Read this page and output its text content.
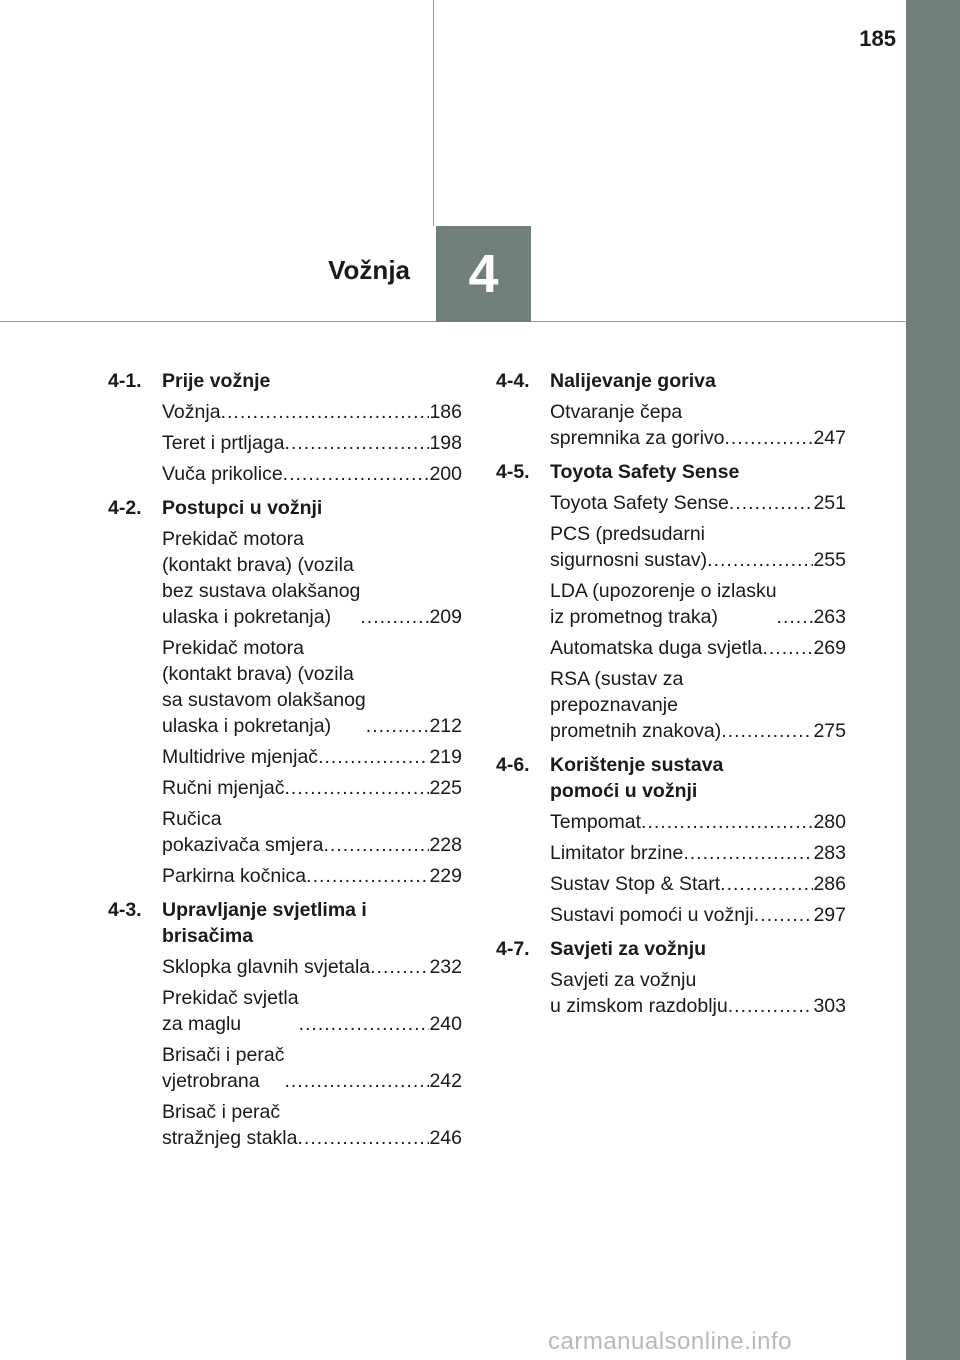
185
Vožnja	4
4-1.	Prije vožnje
Vožnja .....	186
Teret i prtljaga .....	198
Vuča prikolice .....	200
4-2.	Postupci u vožnji
Prekidač motora
(kontakt brava) (vozila
bez sustava olakšanog
ulaska i pokretanja) .....	209
Prekidač motora
(kontakt brava) (vozila
sa sustavom olakšanog
ulaska i pokretanja) .....	212
Multidrive mjenjač .....	219
Ručni mjenjač .....	225
Ručica
pokazivača smjera .....	228
Parkirna kočnica .....	229
4-3.	Upravljanje svjetlima i
brisačima
Sklopka glavnih svjetala .....	232
Prekidač svjetla
za maglu .....	240
Brisači i perač
vjetrobrana .....	242
Brisač i perač
stražnjeg stakla .....	246
4-4.	Nalijevanje goriva
Otvaranje čepa
spremnika za gorivo .....	247
4-5.	Toyota Safety Sense
Toyota Safety Sense .....	251
PCS (predsudarni
sigurnosni sustav) .....	255
LDA (upozorenje o izlasku
iz prometnog traka) .....	263
Automatska duga svjetla .....	269
RSA (sustav za
prepoznavanje
prometnih znakova) .....	275
4-6.	Korištenje sustava
pomoći u vožnji
Tempomat .....	280
Limitator brzine .....	283
Sustav Stop & Start .....	286
Sustavi pomoći u vožnji .....	297
4-7.	Savjeti za vožnju
Savjeti za vožnju
u zimskom razdoblju .....	303
carmanualsonline.info
